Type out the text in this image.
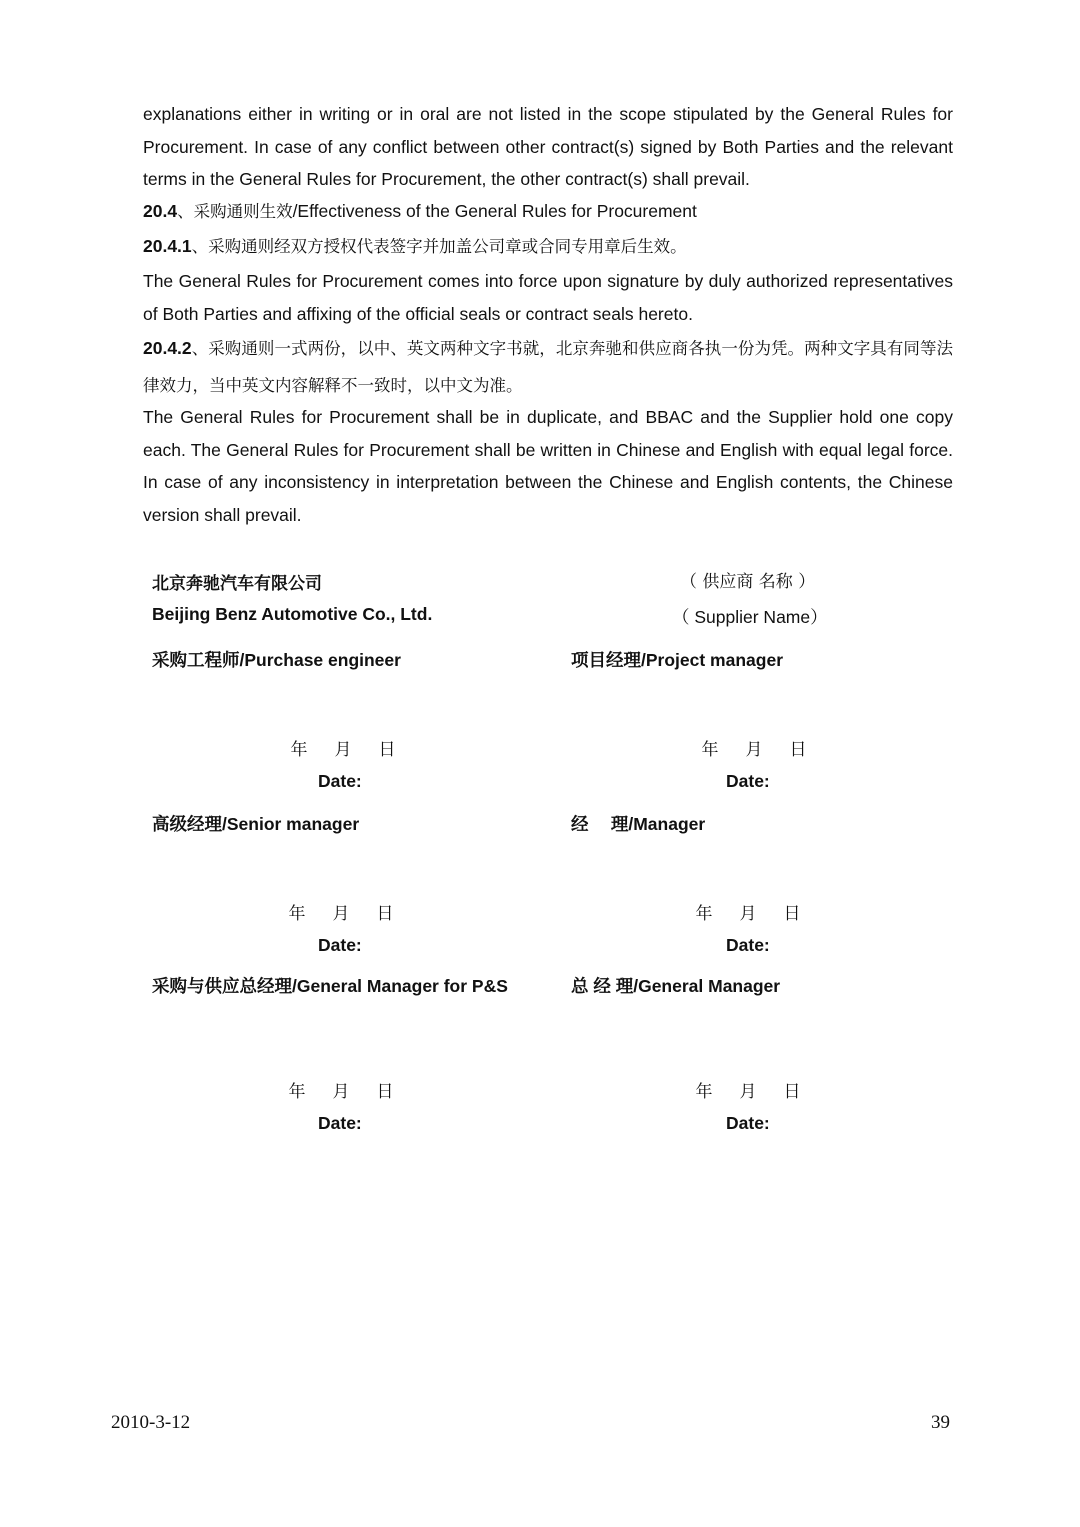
explanations either in writing or in oral are not listed in the scope stipulated by the General Rules for Procurement. In case of any conflict between other contract(s) signed by Both Parties and the relevant terms in the General Rules for Procurement, the other contract(s) shall prevail.

20.4、采购通则生效/Effectiveness of the General Rules for Procurement

20.4.1、采购通则经双方授权代表签字并加盖公司章或合同专用章后生效。

The General Rules for Procurement comes into force upon signature by duly authorized representatives of Both Parties and affixing of the official seals or contract seals hereto.

20.4.2、采购通则一式两份，以中、英文两种文字书就，北京奔驰和供应商各执一份为凭。两种文字具有同等法律效力，当中英文内容解释不一致时，以中文为准。

The General Rules for Procurement shall be in duplicate, and BBAC and the Supplier hold one copy each. The General Rules for Procurement shall be written in Chinese and English with equal legal force. In case of any inconsistency in interpretation between the Chinese and English contents, the Chinese version shall prevail.

北京奔驰汽车有限公司	（ 供应商 名称 ）
Beijing Benz Automotive Co., Ltd.	（ Supplier Name）
采购工程师/Purchase engineer	项目经理/Project manager
年 月 日	年 月 日
Date:	Date:
高级经理/Senior manager	经　 理/Manager
年 月 日	年 月 日
Date:	Date:
采购与供应总经理/General Manager for P&S	总 经 理/General Manager
年 月 日	年 月 日
Date:	Date:
2010-3-12	39
